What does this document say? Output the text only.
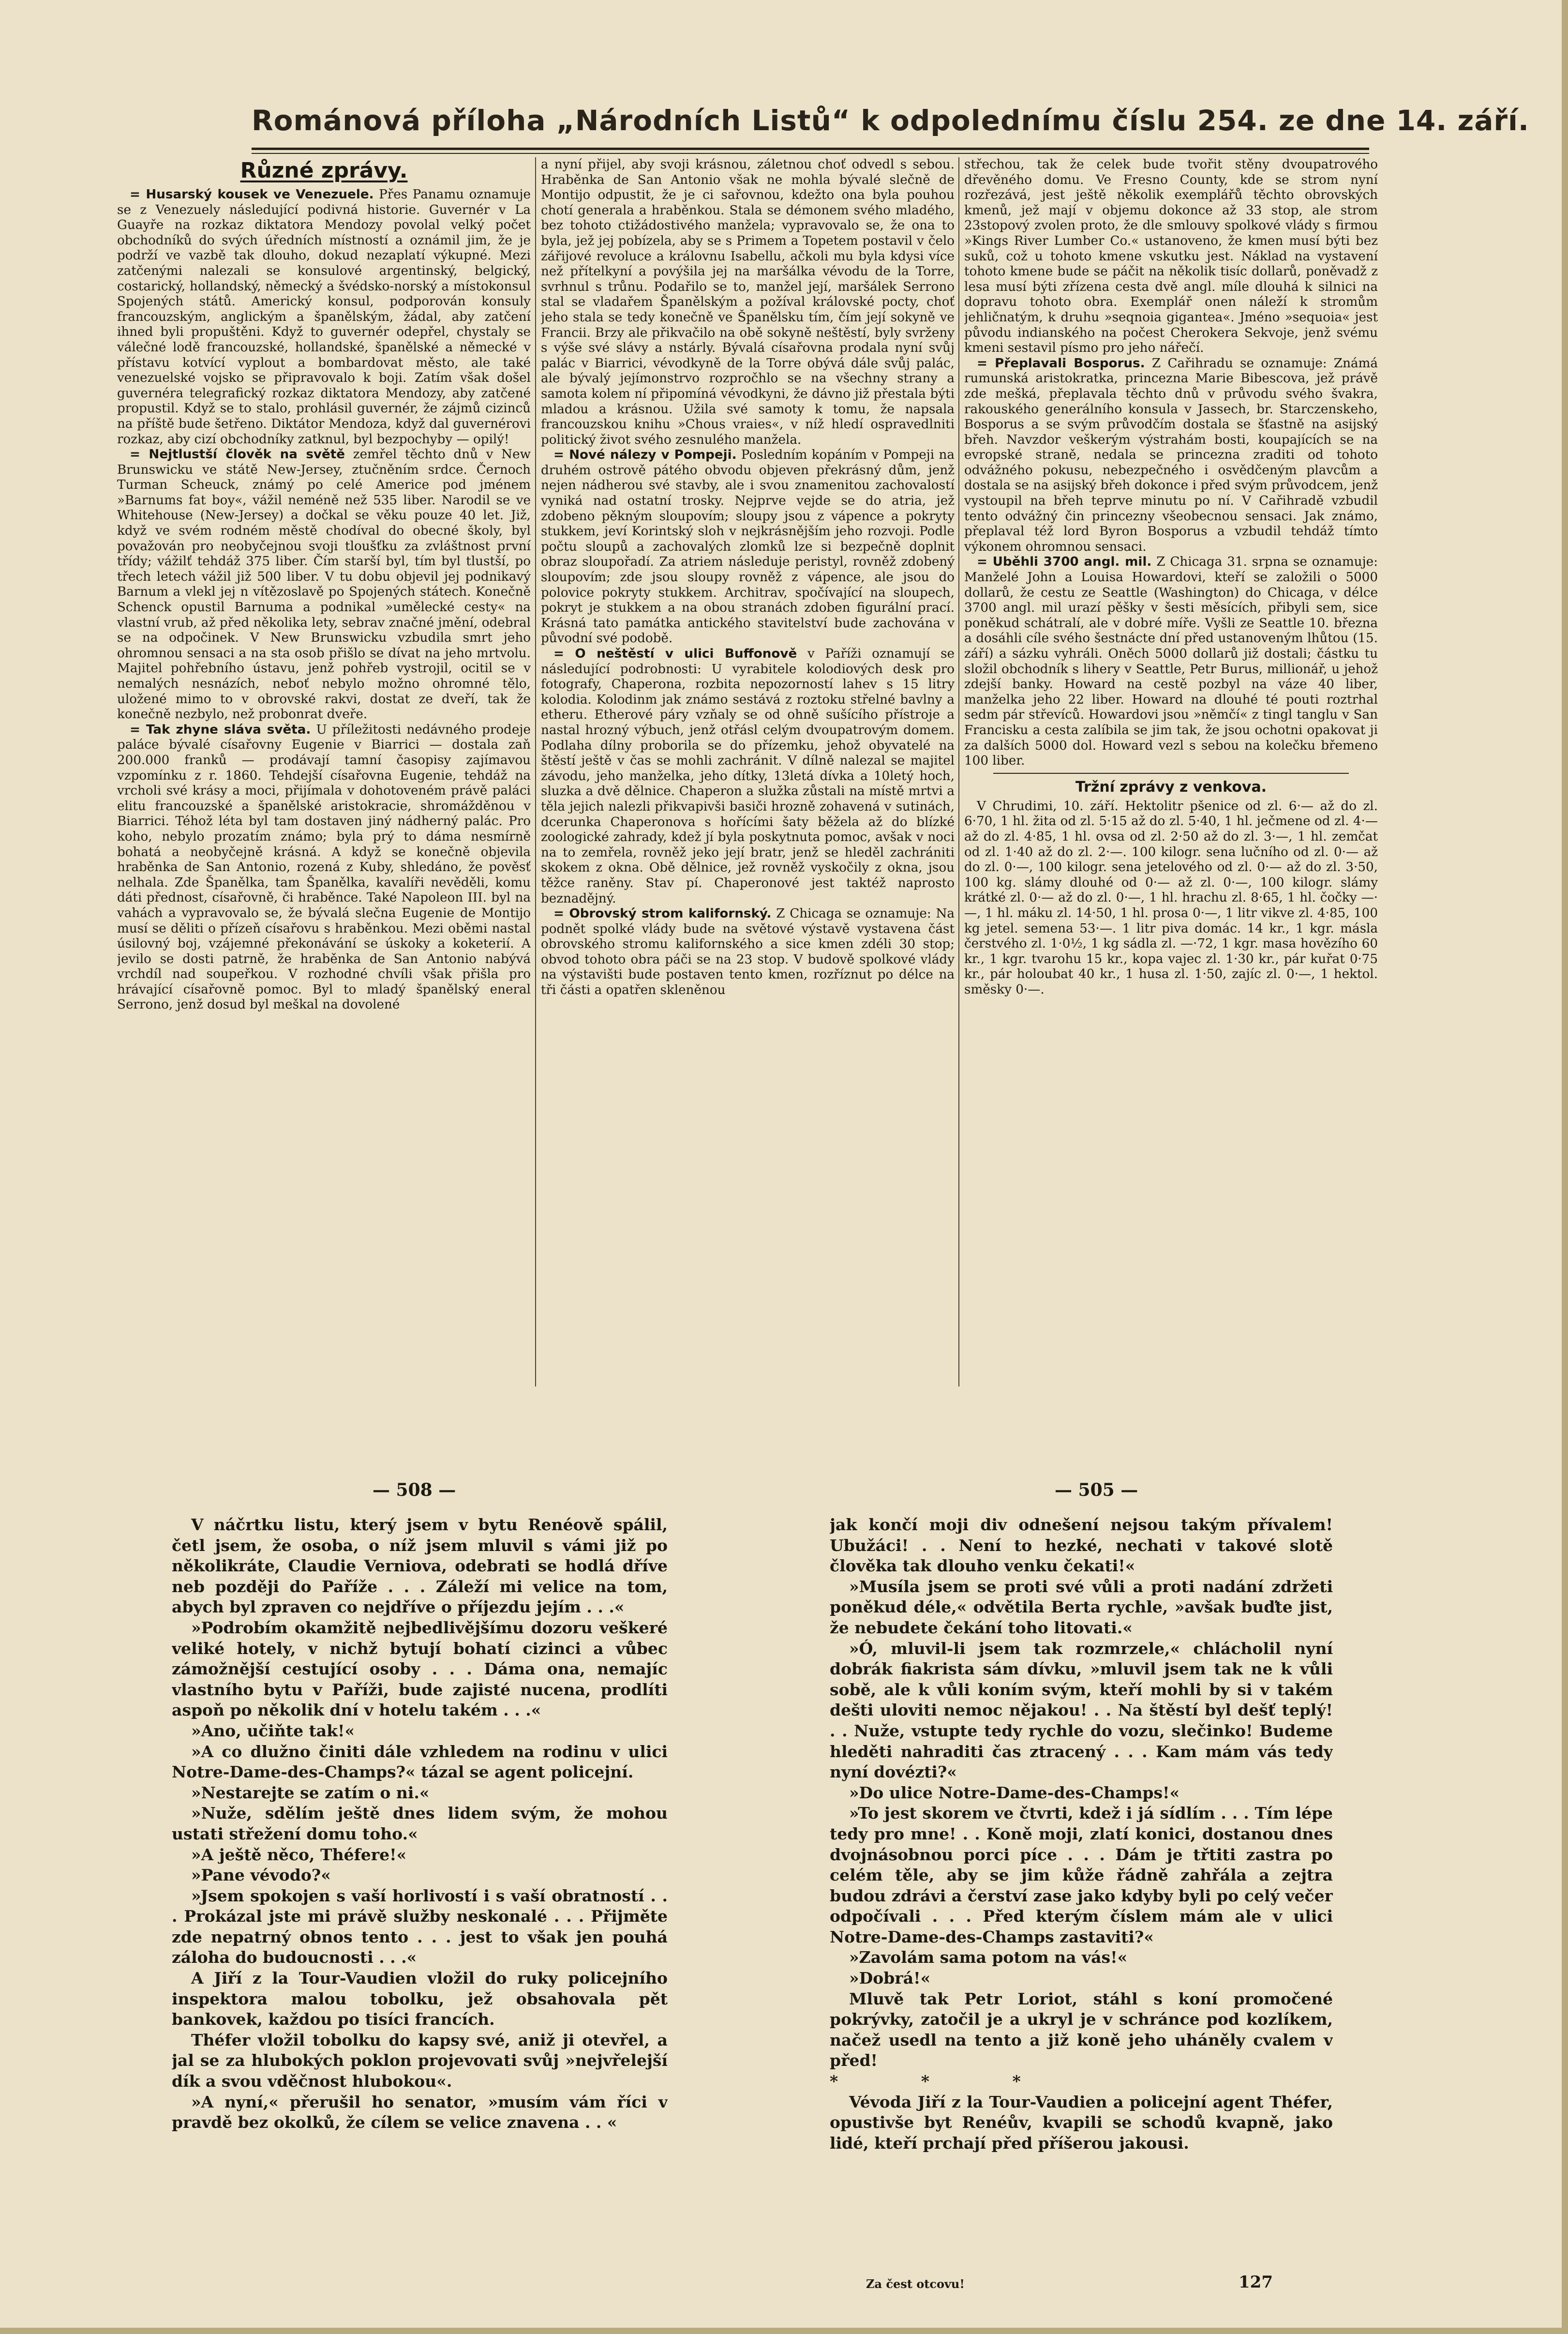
Románová příloha „Národních Listů“ k odpolednímu číslu 254. ze dne 14. září.
Různé zprávy.

= Husarský kousek ve Venezuele. Přes Panamu oznamuje se z Venezuely následující podivná historie. Guvernér v La Guayře na rozkaz diktatora Mendozy povolal velký počet obchodníků do svých úředních místností a oznámil jim, že je podrží ve vazbě tak dlouho, dokud nezaplatí výkupné. Mezi zatčenými nalezali se konsulové argentinský, belgický, costarický, hollandský, německý a švédsko-norský a místokonsul Spojených států. Americký konsul, podporován konsuly francouzským, anglickým a španělským, žádal, aby zatčení ihned byli propuštěni. Když to guvernér odepřel, chystaly se válečné lodě francouzské, hollandské, španělské a německé v přístavu kotvící vyplout a bombardovat město, ale také venezuelské vojsko se připravovalo k boji. Zatím však došel guvernéra telegrafický rozkaz diktatora Mendozy, aby zatčené propustil. Když se to stalo, prohlásil guvernér, že zájmů cizinců na příště bude šetřeno. Diktátor Mendoza, když dal guvernérovi rozkaz, aby cizí obchodníky zatknul, byl bezpochyby — opilý!

= Nejtlustší člověk na světě zemřel těchto dnů v New Brunswicku ve státě New-Jersey, ztučněním srdce. Černoch Turman Scheuck, známý po celé Americe pod jménem »Barnums fat boy«, vážil neméně než 535 liber. Narodil se ve Whitehouse (New-Jersey) a dočkal se věku pouze 40 let. Již, když ve svém rodném městě chodíval do obecné školy, byl považován pro neobyčejnou svoji tloušťku za zvláštnost první třídy; vážilť tehdáž 375 liber. Čím starší byl, tím byl tlustší, po třech letech vážil již 500 liber. V tu dobu objevil jej podnikavý Barnum a vlekl jej n vítězoslavě po Spojených státech. Konečně Schenck opustil Barnuma a podnikal »umělecké cesty« na vlastní vrub, až před několika lety, sebrav značné jmění, odebral se na odpočinek. V New Brunswicku vzbudila smrt jeho ohromnou sensaci a na sta osob přišlo se dívat na jeho mrtvolu. Majitel pohřebního ústavu, jenž pohřeb vystrojil, ocitil se v nemalých nesnázích, neboť nebylo možno ohromné tělo, uložené mimo to v obrovské rakvi, dostat ze dveří, tak že konečně nezbylo, než probonrat dveře.

= Tak zhyne sláva světa. U příležitosti nedávného prodeje paláce bývalé císařovny Eugenie v Biarrici — dostala zaň 200.000 franků — prodávají tamní časopisy zajímavou vzpomínku z r. 1860. Tehdejší císařovna Eugenie, tehdáž na vrcholi své krásy a moci, přijímala v dohotoveném právě paláci elitu francouzské a španělské aristokracie, shromážděnou v Biarrici. Téhož léta byl tam dostaven jiný nádherný palác. Pro koho, nebylo prozatím známo; byla prý to dáma nesmírně bohatá a neobyčejně krásná. A když se konečně objevila hraběnka de San Antonio, rozená z Kuby, shledáno, že pověsť nelhala. Zde Španělka, tam Španělka, kavalíři nevěděli, komu dáti přednost, císařovně, či hraběnce. Také Napoleon III. byl na vahách a vypravovalo se, že bývalá slečna Eugenie de Montijo musí se děliti o přízeň císařovu s hraběnkou. Mezi oběmi nastal úsilovný boj, vzájemné překonávání se úskoky a koketerií. A jevilo se dosti patrně, že hraběnka de San Antonio nabývá vrchdíl nad soupeřkou. V rozhodné chvíli však přišla pro hrávající císařovně pomoc. Byl to mladý španělský eneral Serrono, jenž dosud byl meškal na dovolené

a nyní přijel, aby svoji krásnou, záletnou choť odvedl s sebou. Hraběnka de San Antonio však ne mohla bývalé slečně de Montijo odpustit, že je ci sařovnou, kdežto ona byla pouhou chotí generala a hraběnkou. Stala se démonem svého mladého, bez tohoto ctižádostivého manžela; vypravovalo se, že ona to byla, jež jej pobízela, aby se s Primem a Topetem postavil v čelo zářijové revoluce a královnu Isabellu, ačkoli mu byla kdysi více než přítelkyní a povýšila jej na maršálka vévodu de la Torre, svrhnul s trůnu. Podařilo se to, manžel její, maršálek Serrono stal se vladařem Španělským a požíval královské pocty, choť jeho stala se tedy konečně ve Španělsku tím, čím její sokyně ve Francii. Brzy ale přikvačilo na obě sokyně neštěstí, byly svrženy s výše své slávy a nstárly. Bývalá císařovna prodala nyní svůj palác v Biarrici, vévodkyně de la Torre obývá dále svůj palác, ale bývalý jejímonstrvo rozpročhlo se na všechny strany a samota kolem ní připomíná vévodkyni, že dávno již přestala býti mladou a krásnou. Užila své samoty k tomu, že napsala francouzskou knihu »Chous vraies«, v níž hledí ospravedlniti politický život svého zesnulého manžela.

= Nové nálezy v Pompeji. Posledním kopáním v Pompeji na druhém ostrově pátého obvodu objeven překrásný dům, jenž nejen nádherou své stavby, ale i svou znamenitou zachovalostí vyniká nad ostatní trosky. Nejprve vejde se do atria, jež zdobeno pěkným sloupovím; sloupy jsou z vápence a pokryty stukkem, jeví Korintský sloh v nejkrásnějším jeho rozvoji. Podle počtu sloupů a zachovalých zlomků lze si bezpečně doplnit obraz sloupořadí. Za atriem následuje peristyl, rovněž zdobený sloupovím; zde jsou sloupy rovněž z vápence, ale jsou do polovice pokryty stukkem. Architrav, spočívající na sloupech, pokryt je stukkem a na obou stranách zdoben figurální prací. Krásná tato památka antického stavitelství bude zachována v původní své podobě.

= O neštěstí v ulici Buffonově v Paříži oznamují se následující podrobnosti: U vyrabitele kolodiových desk pro fotografy, Chaperona, rozbita nepozorností lahev s 15 litry kolodia. Kolodinm jak známo sestává z roztoku střelné bavlny a etheru. Etherové páry vzňaly se od ohně sušícího přístroje a nastal hrozný výbuch, jenž otřásl celým dvoupatrovým domem. Podlaha dílny proborila se do přízemku, jehož obyvatelé na štěstí ještě v čas se mohli zachránit. V dílně nalezal se majitel závodu, jeho manželka, jeho dítky, 13letá dívka a 10letý hoch, sluzka a dvě dělnice. Chaperon a služka zůstali na místě mrtvi a těla jejich nalezli přikvapivši basiči hrozně zohavená v sutinách, dcerunka Chaperonova s hořícími šaty běžela až do blízké zoologické zahrady, kdež jí byla poskytnuta pomoc, avšak v noci na to zemřela, rovněž jeko její bratr, jenž se hleděl zachrániti skokem z okna. Obě dělnice, jež rovněž vyskočily z okna, jsou těžce raněny. Stav pí. Chaperonové jest taktéž naprosto beznadějný.

= Obrovský strom kalifornský. Z Chicaga se oznamuje: Na podnět spolké vlády bude na světové výstavě vystavena část obrovského stromu kalifornského a sice kmen zdéli 30 stop; obvod tohoto obra páči se na 23 stop. V budově spolkové vlády na výstavišti bude postaven tento kmen, rozříznut po délce na tři části a opatřen skleněnou

střechou, tak že celek bude tvořit stěny dvoupatrového dřevěného domu. Ve Fresno County, kde se strom nyní rozřezává, jest ještě několik exemplářů těchto obrovských kmenů, jež mají v objemu dokonce až 33 stop, ale strom 23stopový zvolen proto, že dle smlouvy spolkové vlády s firmou »Kings River Lumber Co.« ustanoveno, že kmen musí býti bez suků, což u tohoto kmene vskutku jest. Náklad na vystavení tohoto kmene bude se páčit na několik tisíc dollarů, poněvadž z lesa musí býti zřízena cesta dvě angl. míle dlouhá k silnici na dopravu tohoto obra. Exemplář onen náleží k stromům jehličnatým, k druhu »seqnoia gigantea«. Jméno »sequoia« jest původu indianského na počest Cherokera Sekvoje, jenž svému kmeni sestavil písmo pro jeho nářečí.

= Přeplavali Bosporus. Z Cařihradu se oznamuje: Známá rumunská aristokratka, princezna Marie Bibescova, jež právě zde mešká, přeplavala těchto dnů v průvodu svého švakra, rakouského generálního konsula v Jassech, br. Starczenskeho, Bosporus a se svým průvodčím dostala se šťastně na asijský břeh. Navzdor veškerým výstrahám bosti, koupajících se na evropské straně, nedala se princezna zraditi od tohoto odvážného pokusu, nebezpečného i osvědčeným plavcům a dostala se na asijský břeh dokonce i před svým průvodcem, jenž vystoupil na břeh teprve minutu po ní. V Cařihradě vzbudil tento odvážný čin princezny všeobecnou sensaci. Jak známo, přeplaval též lord Byron Bosporus a vzbudil tehdáž tímto výkonem ohromnou sensaci.

= Uběhli 3700 angl. mil. Z Chicaga 31. srpna se oznamuje: Manželé John a Louisa Howardovi, kteří se založili o 5000 dollarů, že cestu ze Seattle (Washington) do Chicaga, v délce 3700 angl. mil urazí pěšky v šesti měsících, přibyli sem, sice poněkud schátralí, ale v dobré míře. Vyšli ze Seattle 10. března a dosáhli cíle svého šestnácte dní před ustanoveným lhůtou (15. září) a sázku vyhráli. Oněch 5000 dollarů již dostali; částku tu složil obchodník s lihery v Seattle, Petr Burus, millionář, u jehož zdejší banky. Howard na cestě pozbyl na váze 40 liber, manželka jeho 22 liber. Howard na dlouhé té pouti roztrhal sedm pár střevíců. Howardovi jsou »němčí« z tingl tanglu v San Francisku a cesta zalíbila se jim tak, že jsou ochotni opakovat ji za dalších 5000 dol. Howard vezl s sebou na kolečku břemeno 100 liber.

Tržní zprávy z venkova.

V Chrudimi, 10. září. Hektolitr pšenice od zl. 6·— až do zl. 6·70, 1 hl. žita od zl. 5·15 až do zl. 5·40, 1 hl. ječmene od zl. 4·— až do zl. 4·85, 1 hl. ovsa od zl. 2·50 až do zl. 3·—, 1 hl. zemčat od zl. 1·40 až do zl. 2·—. 100 kilogr. sena lučního od zl. 0·— až do zl. 0·—, 100 kilogr. sena jetelového od zl. 0·— až do zl. 3·50, 100 kg. slámy dlouhé od 0·— až zl. 0·—, 100 kilogr. slámy krátké zl. 0·— až do zl. 0·—, 1 hl. hrachu zl. 8·65, 1 hl. čočky —·—, 1 hl. máku zl. 14·50, 1 hl. prosa 0·—, 1 litr vikve zl. 4·85, 100 kg jetel. semena 53·—. 1 litr piva domác. 14 kr., 1 kgr. másla čerstvého zl. 1·0½, 1 kg sádla zl. —·72, 1 kgr. masa hovězího 60 kr., 1 kgr. tvarohu 15 kr., kopa vajec zl. 1·30 kr., pár kuřat 0·75 kr., pár holoubat 40 kr., 1 husa zl. 1·50, zajíc zl. 0·—, 1 hektol. směsky 0·—.

— 508 —	— 505 —

V náčrtku listu, který jsem v bytu Renéově spálil, četl jsem, že osoba, o níž jsem mluvil s vámi již po několikráte, Claudie Verniova, odebrati se hodlá dříve neb později do Paříže . . . Záleží mi velice na tom, abych byl zpraven co nejdříve o příjezdu jejím . . .«

»Podrobím okamžitě nejbedlivějšímu dozoru veškeré veliké hotely, v nichž bytují bohatí cizinci a vůbec zámožnější cestující osoby . . . Dáma ona, nemajíc vlastního bytu v Paříži, bude zajisté nucena, prodlíti aspoň po několik dní v hotelu takém . . .«

»Ano, učiňte tak!«

»A co dlužno činiti dále vzhledem na rodinu v ulici Notre-Dame-des-Champs?« tázal se agent policejní.

»Nestarejte se zatím o ni.«

»Nuže, sdělím ještě dnes lidem svým, že mohou ustati střežení domu toho.«

»A ještě něco, Théfere!«

»Pane vévodo?«

»Jsem spokojen s vaší horlivostí i s vaší obratností . . . Prokázal jste mi právě služby neskonalé . . . Přijměte zde nepatrný obnos tento . . . jest to však jen pouhá záloha do budoucnosti . . .«

A Jiří z la Tour-Vaudien vložil do ruky policejního inspektora malou tobolku, jež obsahovala pět bankovek, každou po tisíci francích.

Théfer vložil tobolku do kapsy své, aniž ji otevřel, a jal se za hlubokých poklon projevovati svůj »nejvřelejší dík a svou vděčnost hlubokou«.

»A nyní,« přerušil ho senator, »musím vám říci v pravdě bez okolků, že cílem se velice znavena . . «

jak končí moji div odnešení nejsou takým přívalem! Ubužáci! . . Není to hezké, nechati v takové slotě člověka tak dlouho venku čekati!«

»Musíla jsem se proti své vůli a proti nadání zdržeti poněkud déle,« odvětila Berta rychle, »avšak buďte jist, že nebudete čekání toho litovati.«

»Ó, mluvil-li jsem tak rozmrzele,« chlácholil nyní dobrák fiakrista sám dívku, »mluvil jsem tak ne k vůli sobě, ale k vůli koním svým, kteří mohli by si v takém dešti uloviti nemoc nějakou! . . Na štěstí byl dešť teplý! . . Nuže, vstupte tedy rychle do vozu, slečinko! Budeme hleděti nahraditi čas ztracený . . . Kam mám vás tedy nyní dovézti?«

»Do ulice Notre-Dame-des-Champs!«

»To jest skorem ve čtvrti, kdež i já sídlím . . . Tím lépe tedy pro mne! . . Koně moji, zlatí konici, dostanou dnes dvojnásobnou porci píce . . . Dám je třtiti zastra po celém těle, aby se jim kůže řádně zahřála a zejtra budou zdrávi a čerství zase jako kdyby byli po celý večer odpočívali . . . Před kterým číslem mám ale v ulici Notre-Dame-des-Champs zastaviti?«

»Zavolám sama potom na vás!«

»Dobrá!«

Mluvě tak Petr Loriot, stáhl s koní promočené pokrývky, zatočil je a ukryl je v schránce pod kozlíkem, načež usedl na tento a již koně jeho uháněly cvalem v před!

* * *

Vévoda Jiří z la Tour-Vaudien a policejní agent Théfer, opustivše byt Renéův, kvapili se schodů kvapně, jako lidé, kteří prchají před příšerou jakousi.

Za čest otcovu!	127
